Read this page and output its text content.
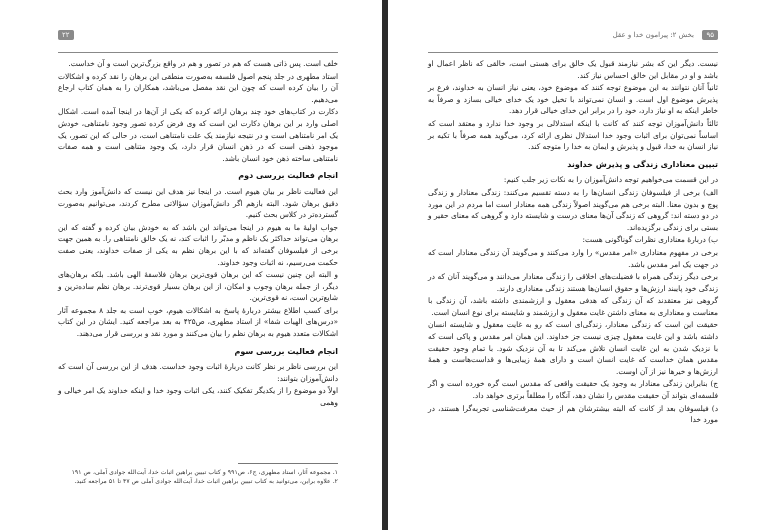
۲۲

خلف است. پس ذاتی هست که هم در تصور و هم در واقع بزرگ‌ترین است و آن خداست.

استاد مطهری در جلد پنجم اصول فلسفه به‌صورت منطقی این برهان را نقد کرده و اشکالات آن را بیان کرده است که چون این نقد مفصل می‌باشد، همکاران را به همان کتاب ارجاع می‌دهیم.

دکارت در کتاب‌های خود چند برهان ارائه کرده که یکی از آن‌ها در اینجا آمده است. اشکال اصلی وارد بر این برهان دکارت این است که وی فرض کرده تصور وجود نامتناهی، خودش یک امر نامتناهی است و در نتیجه نیازمند یک علت نامتناهی است، در حالی که این تصور، یک موجود ذهنی است که در ذهن انسان قرار دارد، یک وجود متناهی است و همه صفات نامتناهی ساخته ذهن خود انسان باشد.

انجام فعالیت بررسی دوم

این فعالیت ناظر بر بیان هیوم است. در اینجا نیز هدف این نیست که دانش‌آموز وارد بحث دقیق برهان شود. البته بازهم اگر دانش‌آموزان سؤالاتی مطرح کردند، می‌توانیم به‌صورت گسترده‌تر در کلاس بحث کنیم.

جواب اولیهٔ ما به هیوم در اینجا می‌تواند این باشد که به خودش بیان کرده و گفته که این برهان می‌تواند حداکثر یک ناظم و مدبّر را اثبات کند، نه یک خالق نامتناهی را. به همین جهت برخی از فیلسوفان گفته‌اند که با این برهان نظم به یکی از صفات خداوند، یعنی صفت حکمت می‌رسیم، نه اثبات وجود خداوند.

و البته این چنین نیست که این برهان قوی‌ترین برهان فلاسفهٔ الهی باشد. بلکه برهان‌های دیگر، از جمله برهان وجوب و امکان، از این برهان بسیار قوی‌ترند. برهان نظم ساده‌ترین و شایع‌ترین است، نه قوی‌ترین.

برای کسب اطلاع بیشتر دربارهٔ پاسخ به اشکالات هیوم، خوب است به جلد ۸ مجموعه آثار «درس‌های الهیات شفا» از استاد مطهری، ص۴۲۵ به بعد مراجعه کنید. ایشان در این کتاب اشکالات متعدد هیوم به برهان نظم را بیان می‌کنند و مورد نقد و بررسی قرار می‌دهند.

انجام فعالیت بررسی سوم

این بررسی ناظر بر نظر کانت دربارهٔ اثبات وجود خداست. هدف از این بررسی آن است که دانش‌آموزان بتوانند:

اولاً دو موضوع را از یکدیگر تفکیک کنند، یکی اثبات وجود خدا و اینکه خداوند یک امر خیالی و وهمی

۱. مجموعه آثار، استاد مطهری، ج۶، ص۹۹۱ و کتاب تبیین براهین اثبات خدا، آیت‌الله جوادی آملی، ص ۱۹۱
۲. علاوه براین، می‌توانید به کتاب تبیین براهین اثبات خدا، آیت‌الله جوادی آملی ص ۴۷ تا ۵۱ مراجعه کنید.
۹۵
بخش ۲: پیرامون خدا و عقل

نیست. دیگر این که بشر نیازمند قبول یک خالق برای هستی است، خالقی که ناظر اعمال او باشد و او در مقابل این خالق احساس نیاز کند.

ثانیاً آنان نتوانند به این موضوع توجه کنند که موضوع خود، یعنی نیاز انسان به خداوند، فرع بر پذیرش موضوع اول است. و انسان نمی‌تواند با تخیل خود یک خدای خیالی بسازد و صرفاً به خاطر اینکه به او نیاز دارد، خود را در برابر این خدای خیالی قرار دهد.

ثالثاً دانش‌آموزان توجه کنند که کانت با اینکه استدلالی بر وجود خدا ندارد و معتقد است که اساساً نمی‌توان برای اثبات وجود خدا استدلال نظری ارائه کرد، می‌گوید همه صرفاً با تکیه بر نیاز انسان به خدا، قبول و پذیرش و ایمان به خدا را متوجه کند.

تبیین معناداری زندگی و پذیرش خداوند

در این قسمت می‌خواهیم توجه دانش‌آموزان را به نکات زیر جلب کنیم:

الف) برخی از فیلسوفان زندگی انسان‌ها را به دسته تقسیم می‌کنند: زندگی معنادار و زندگی پوچ و بدون معنا. البته برخی هم می‌گویند اصولاً زندگی همه معنادار است اما مردم در این مورد در دو دسته اند: گروهی که زندگی آن‌ها معنای درست و شایسته دارد و گروهی که معنای حقیر و بستی برای زندگی برگزیده‌اند.

ب) دربارهٔ معناداری نظرات گوناگونی هست:

برخی در مفهوم معناداری «امر مقدس» را وارد می‌کنند و می‌گویند آن زندگی معنادار است که در جهت یک امر مقدس باشد.

برخی دیگر زندگی همراه با فضیلت‌های اخلاقی را زندگی معنادار می‌دانند و می‌گویند آنان که در زندگی خود پایبند ارزش‌ها و حقوق انسان‌ها هستند زندگی معناداری دارند.

گروهی نیز معتقدند که آن زندگی که هدفی معقول و ارزشمندی داشته باشد، آن زندگی با معناست و معناداری به معنای داشتن غایت معقول و ارزشمند و شایسته برای نوع انسان است.

حقیقت این است که زندگی معنادار، زندگی‌ای است که رو به غایت معقول و شایسته انسان داشته باشد و این غایت معقول چیزی نیست جز خداوند. این همان امر مقدس و پاکی است که با نزدیک شدن به این غایت انسان تلاش می‌کند تا به آن نزدیک شود. با تمام وجود حقیقت مقدس همان خداست که غایت انسان است و دارای همهٔ زیبایی‌ها و قداست‌هاست و همهٔ ارزش‌ها و خیرها نیز از آن اوست.

ج) بنابراین زندگی معنادار به وجود یک حقیقت واقعی که مقدس است گره خورده است و اگر فلسفه‌ای بتواند آن حقیقت مقدس را نشان دهد، آنگاه را مطلقاً برتری خواهد داد.

د) فیلسوفان بعد از کانت که البته بیشترشان هم از حیث معرفت‌شناسی تجربه‌گرا هستند، در مورد خدا
